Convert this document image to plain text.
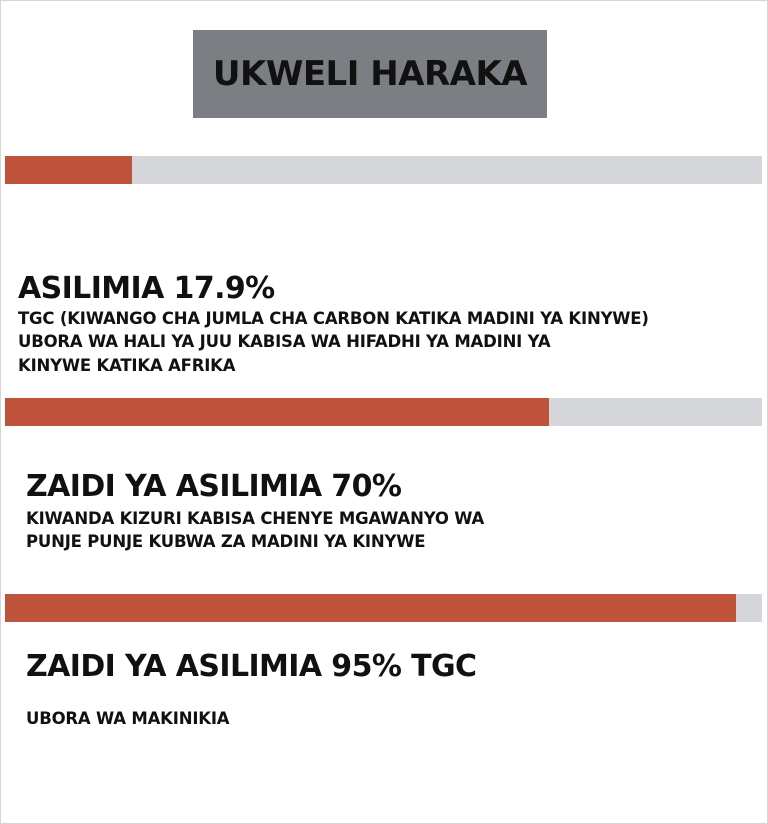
UKWELI HARAKA

ASILIMIA 17.9%

TGC (KIWANGO CHA JUMLA CHA CARBON KATIKA MADINI YA KINYWE)
UBORA WA HALI YA JUU KABISA WA HIFADHI YA MADINI YA
KINYWE KATIKA AFRIKA

ZAIDI YA ASILIMIA 70%

KIWANDA KIZURI KABISA CHENYE MGAWANYO WA
PUNJE PUNJE KUBWA ZA MADINI YA KINYWE

ZAIDI YA ASILIMIA 95% TGC

UBORA WA MAKINIKIA
